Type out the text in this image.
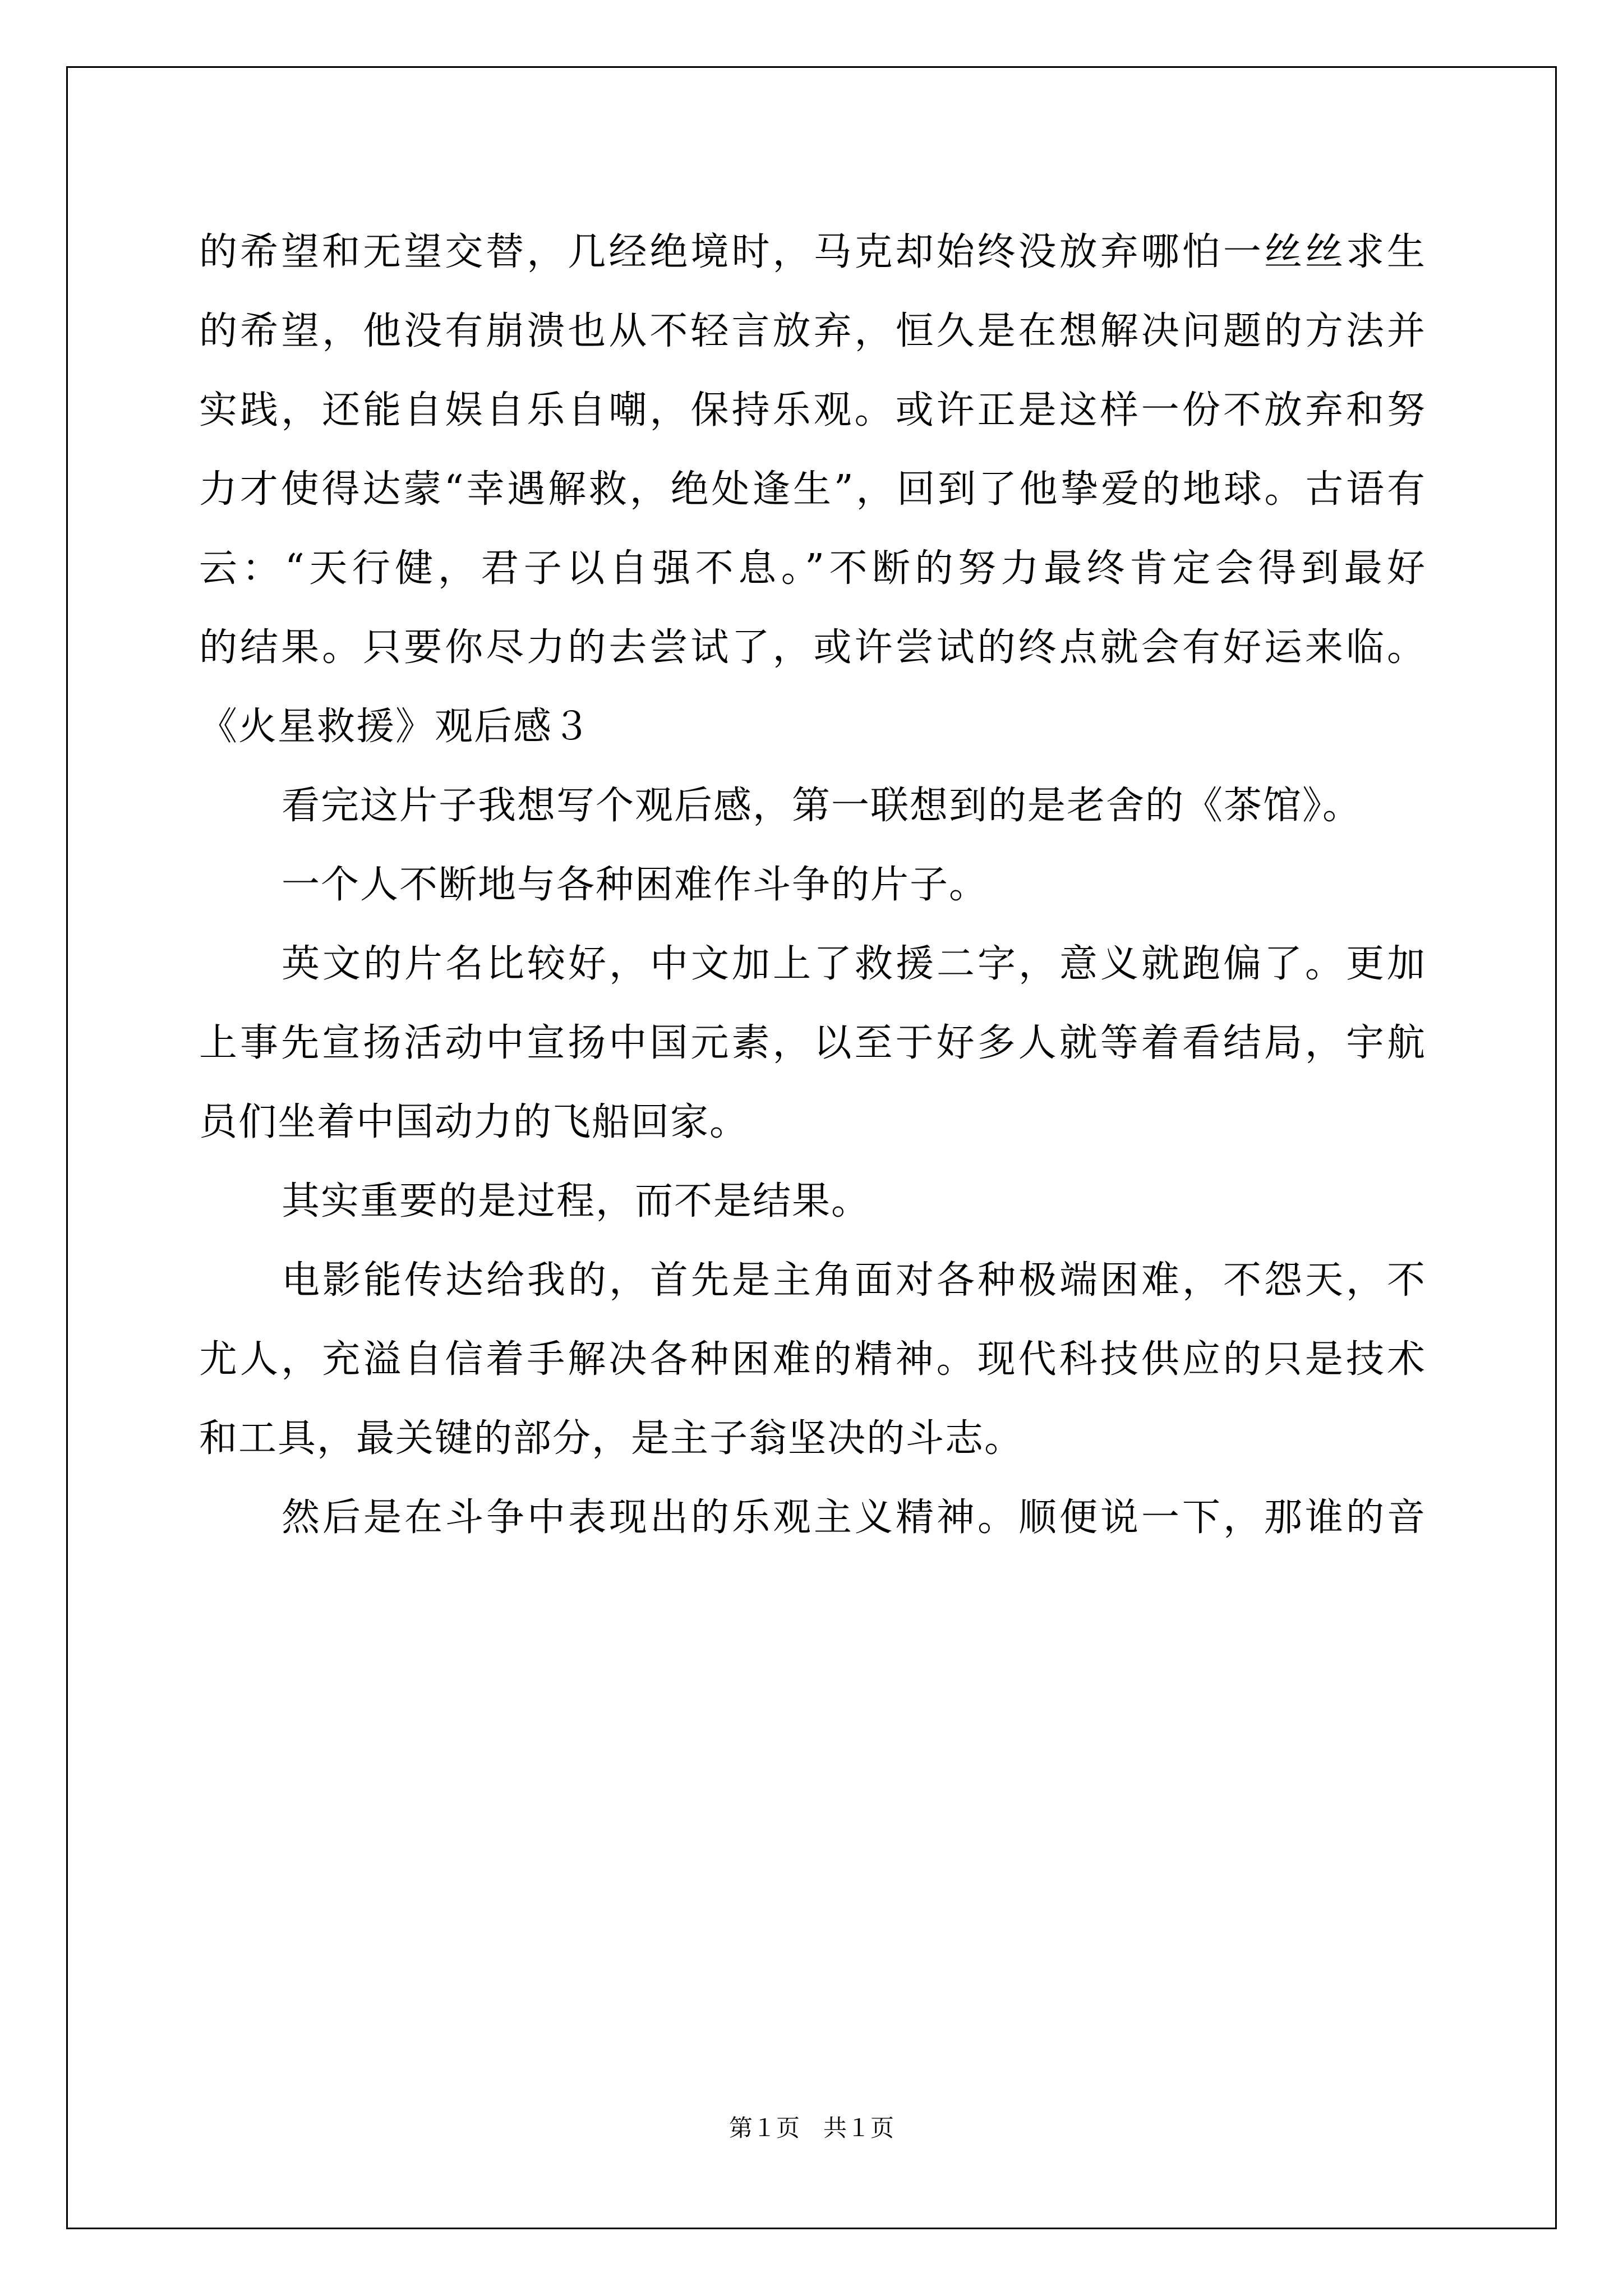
的希望和无望交替，几经绝境时，马克却始终没放弃哪怕一丝丝求生
的希望，他没有崩溃也从不轻言放弃，恒久是在想解决问题的方法并
实践，还能自娱自乐自嘲，保持乐观。或许正是这样一份不放弃和努
力才使得达蒙“幸遇解救，绝处逢生”，回到了他挚爱的地球。古语有
云：“天行健，君子以自强不息。”不断的努力最终肯定会得到最好
的结果。只要你尽力的去尝试了，或许尝试的终点就会有好运来临。
《火星救援》观后感３
看完这片子我想写个观后感，第一联想到的是老舍的《茶馆》。
一个人不断地与各种困难作斗争的片子。
英文的片名比较好，中文加上了救援二字，意义就跑偏了。更加
上事先宣扬活动中宣扬中国元素，以至于好多人就等着看结局，宇航
员们坐着中国动力的飞船回家。
其实重要的是过程，而不是结果。
电影能传达给我的，首先是主角面对各种极端困难，不怨天，不
尤人，充溢自信着手解决各种困难的精神。现代科技供应的只是技术
和工具，最关键的部分，是主子翁坚决的斗志。
然后是在斗争中表现出的乐观主义精神。顺便说一下，那谁的音
第１页　共１页
